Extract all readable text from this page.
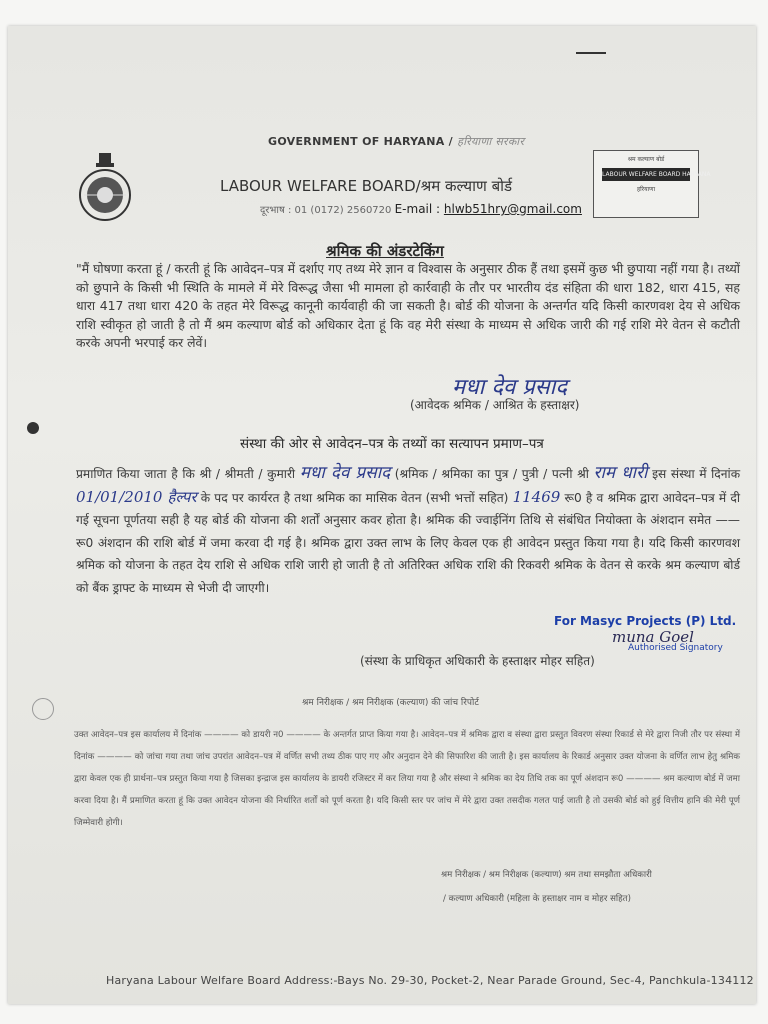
GOVERNMENT OF HARYANA / हरियाणा सरकार
LABOUR WELFARE BOARD/श्रम कल्याण बोर्ड
दूरभाष : 01 (0172) 2560720 E-mail : hlwb51hry@gmail.com
श्रम कल्याण बोर्ड
LABOUR WELFARE BOARD HARYANA
हरियाणा
श्रमिक की अंडरटेकिंग
"मैं घोषणा करता हूं / करती हूं कि आवेदन–पत्र में दर्शाए गए तथ्य मेरे ज्ञान व विश्वास के अनुसार ठीक हैं तथा इसमें कुछ भी छुपाया नहीं गया है। तथ्यों को छुपाने के किसी भी स्थिति के मामले में मेरे विरूद्ध जैसा भी मामला हो कार्रवाही के तौर पर भारतीय दंड संहिता की धारा 182, धारा 415, सह धारा 417 तथा धारा 420 के तहत मेरे विरूद्ध कानूनी कार्यवाही की जा सकती है। बोर्ड की योजना के अन्तर्गत यदि किसी कारणवश देय से अधिक राशि स्वीकृत हो जाती है तो मैं श्रम कल्याण बोर्ड को अधिकार देता हूं कि वह मेरी संस्था के माध्यम से अधिक जारी की गई राशि मेरे वेतन से कटौती करके अपनी भरपाई कर लेवें।
मधा देव प्रसाद
(आवेदक श्रमिक / आश्रित के हस्ताक्षर)
संस्था की ओर से आवेदन–पत्र के तथ्यों का सत्यापन प्रमाण–पत्र
प्रमाणित किया जाता है कि श्री / श्रीमती / कुमारी मधा देव प्रसाद (श्रमिक / श्रमिका का पुत्र / पुत्री / पत्नी श्री राम धारी इस संस्था में दिनांक 01/01/2010 हैल्पर के पद पर कार्यरत है तथा श्रमिक का मासिक वेतन (सभी भत्तों सहित) 11469 रू0 है व श्रमिक द्वारा आवेदन–पत्र में दी गई सूचना पूर्णतया सही है यह बोर्ड की योजना की शर्तों अनुसार कवर होता है। श्रमिक की ज्वाईनिंग तिथि से संबंधित नियोक्ता के अंशदान समेत —— रू0 अंशदान की राशि बोर्ड में जमा करवा दी गई है। श्रमिक द्वारा उक्त लाभ के लिए केवल एक ही आवेदन प्रस्तुत किया गया है। यदि किसी कारणवश श्रमिक को योजना के तहत देय राशि से अधिक राशि जारी हो जाती है तो अतिरिक्त अधिक राशि की रिकवरी श्रमिक के वेतन से करके श्रम कल्याण बोर्ड को बैंक ड्राफ्ट के माध्यम से भेजी दी जाएगी।
For Masyc Projects (P) Ltd.
muna Goel
Authorised Signatory
(संस्था के प्राधिकृत अधिकारी के हस्ताक्षर मोहर सहित)
श्रम निरीक्षक / श्रम निरीक्षक (कल्याण) की जांच रिपोर्ट
उक्त आवेदन–पत्र इस कार्यालय में दिनांक ———— को डायरी न0 ———— के अन्तर्गत प्राप्त किया गया है। आवेदन–पत्र में श्रमिक द्वारा व संस्था द्वारा प्रस्तुत विवरण संस्था रिकार्ड से मेरे द्वारा निजी तौर पर संस्था में दिनांक ———— को जांचा गया तथा जांच उपरांत आवेदन–पत्र में वर्णित सभी तथ्य ठीक पाए गए और अनुदान देने की सिफारिश की जाती है। इस कार्यालय के रिकार्ड अनुसार उक्त योजना के वर्णित लाभ हेतु श्रमिक द्वारा केवल एक ही प्रार्थना–पत्र प्रस्तुत किया गया है जिसका इन्द्राज इस कार्यालय के डायरी रजिस्टर में कर लिया गया है और संस्था ने श्रमिक का देय तिथि तक का पूर्ण अंशदान रू0 ———— श्रम कल्याण बोर्ड में जमा करवा दिया है। मैं प्रमाणित करता हूं कि उक्त आवेदन योजना की निर्धारित शर्तों को पूर्ण करता है। यदि किसी स्तर पर जांच में मेरे द्वारा उक्त तसदीक गलत पाई जाती है तो उसकी बोर्ड को हुई वित्तीय हानि की मेरी पूर्ण जिम्मेवारी होगी।
श्रम निरीक्षक / श्रम निरीक्षक (कल्याण) श्रम तथा समझौता अधिकारी
/ कल्याण अधिकारी (महिला के हस्ताक्षर नाम व मोहर सहित)
Haryana Labour Welfare Board Address:-Bays No. 29-30, Pocket-2, Near Parade Ground, Sec-4, Panchkula-134112
